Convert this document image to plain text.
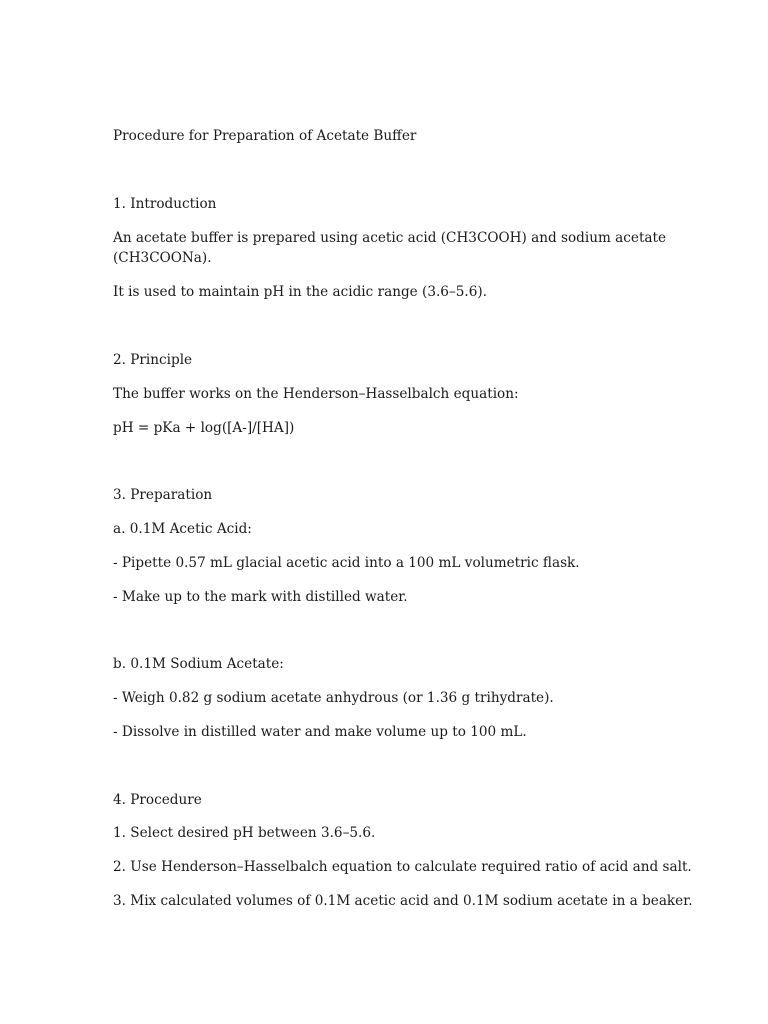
Procedure for Preparation of Acetate Buffer

1. Introduction

An acetate buffer is prepared using acetic acid (CH3COOH) and sodium acetate

(CH3COONa).

It is used to maintain pH in the acidic range (3.6–5.6).

2. Principle

The buffer works on the Henderson–Hasselbalch equation:

pH = pKa + log([A-]/[HA])

3. Preparation

a. 0.1M Acetic Acid:

- Pipette 0.57 mL glacial acetic acid into a 100 mL volumetric flask.

- Make up to the mark with distilled water.

b. 0.1M Sodium Acetate:

- Weigh 0.82 g sodium acetate anhydrous (or 1.36 g trihydrate).

- Dissolve in distilled water and make volume up to 100 mL.

4. Procedure

1. Select desired pH between 3.6–5.6.

2. Use Henderson–Hasselbalch equation to calculate required ratio of acid and salt.

3. Mix calculated volumes of 0.1M acetic acid and 0.1M sodium acetate in a beaker.
